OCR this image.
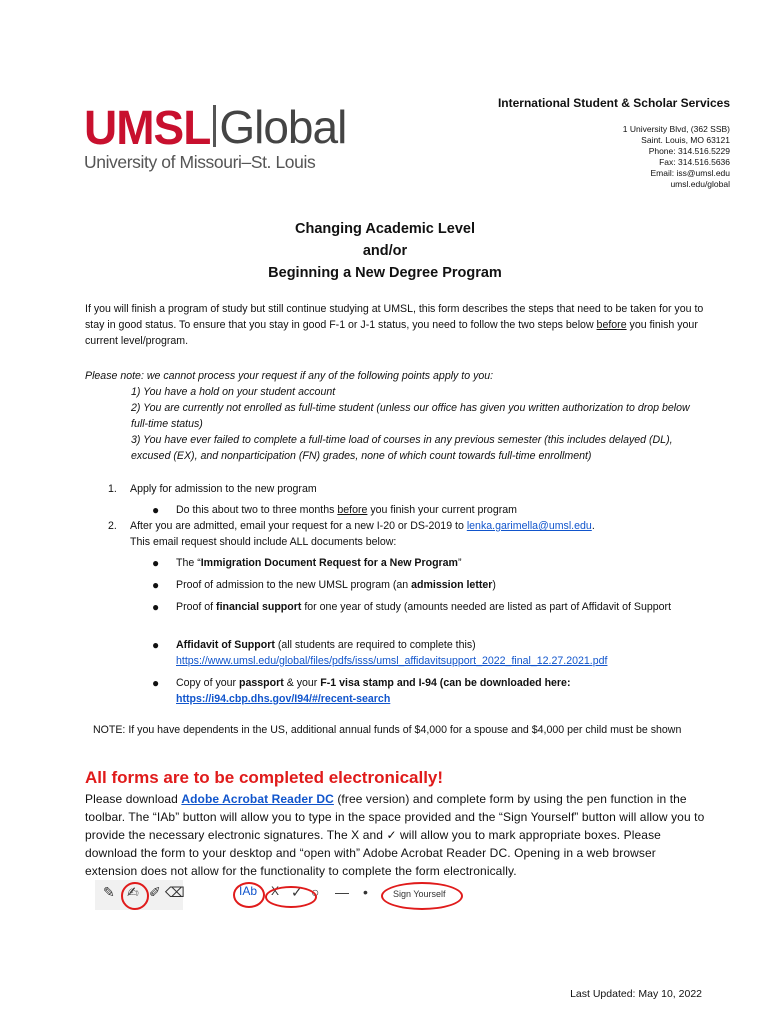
UMSL Global
University of Missouri–St. Louis
International Student & Scholar Services
1 University Blvd, (362 SSB)
Saint. Louis, MO 63121
Phone: 314.516.5229
Fax: 314.516.5636
Email: iss@umsl.edu
umsl.edu/global
Changing Academic Level
and/or
Beginning a New Degree Program
If you will finish a program of study but still continue studying at UMSL, this form describes the steps that need to be taken for you to stay in good status. To ensure that you stay in good F-1 or J-1 status, you need to follow the two steps below before you finish your current level/program.
Please note: we cannot process your request if any of the following points apply to you:
1) You have a hold on your student account
2) You are currently not enrolled as full-time student (unless our office has given you written authorization to drop below full-time status)
3) You have ever failed to complete a full-time load of courses in any previous semester (this includes delayed (DL), excused (EX), and nonparticipation (FN) grades, none of which count towards full-time enrollment)
1. Apply for admission to the new program
● Do this about two to three months before you finish your current program
2. After you are admitted, email your request for a new I-20 or DS-2019 to lenka.garimella@umsl.edu.
This email request should include ALL documents below:
● The “Immigration Document Request for a New Program”
● Proof of admission to the new UMSL program (an admission letter)
● Proof of financial support for one year of study (amounts needed are listed as part of Affidavit of Support
● Affidavit of Support (all students are required to complete this)
https://www.umsl.edu/global/files/pdfs/isss/umsl_affidavitsupport_2022_final_12.27.2021.pdf
● Copy of your passport & your F-1 visa stamp and I-94 (can be downloaded here:
https://i94.cbp.dhs.gov/I94/#/recent-search
NOTE: If you have dependents in the US, additional annual funds of $4,000 for a spouse and $4,000 per child must be shown
All forms are to be completed electronically!
Please download Adobe Acrobat Reader DC (free version) and complete form by using the pen function in the toolbar. The “IAb” button will allow you to type in the space provided and the “Sign Yourself” button will allow you to provide the necessary electronic signatures. The X and ✓ will allow you to mark appropriate boxes. Please download the form to your desktop and “open with” Adobe Acrobat Reader DC. Opening in a web browser extension does not allow for the functionality to complete the form electronically.
✎ ✍ ✐ ⌫	IAb X ✓ ○ — •	Sign Yourself
Last Updated: May 10, 2022
